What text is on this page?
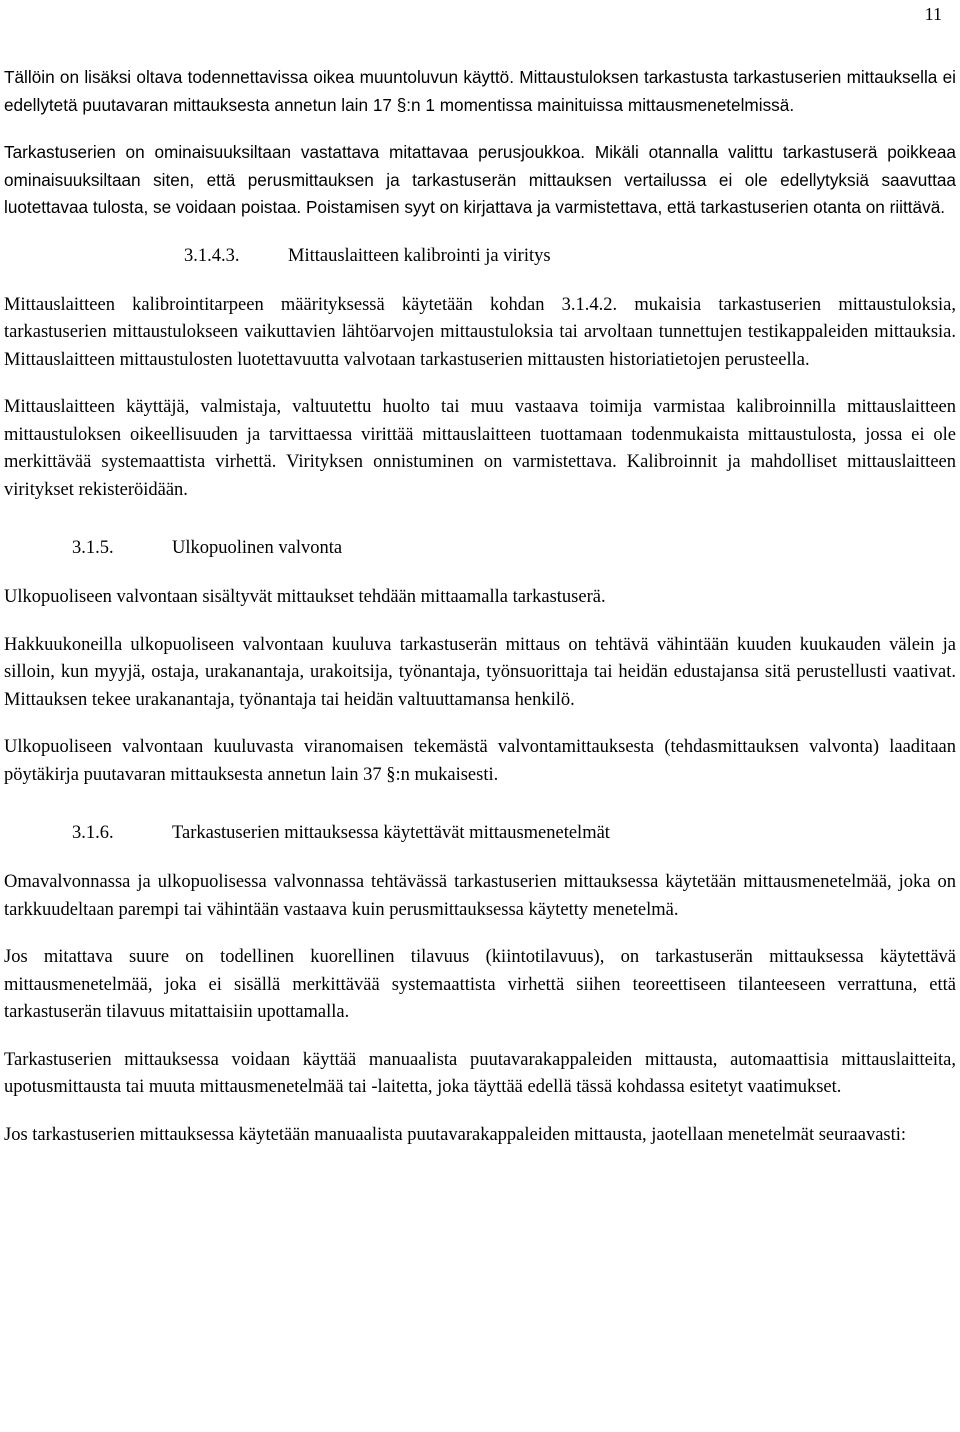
11

Tällöin on lisäksi oltava todennettavissa oikea muuntoluvun käyttö. Mittaustuloksen tarkastusta tarkastuserien mittauksella ei edellytetä puutavaran mittauksesta annetun lain 17 §:n 1 momentissa mainituissa mittausmenetelmissä.

Tarkastuserien on ominaisuuksiltaan vastattava mitattavaa perusjoukkoa. Mikäli otannalla valittu tarkastuserä poikkeaa ominaisuuksiltaan siten, että perusmittauksen ja tarkastuserän mittauksen vertailussa ei ole edellytyksiä saavuttaa luotettavaa tulosta, se voidaan poistaa. Poistamisen syyt on kirjattava ja varmistettava, että tarkastuserien otanta on riittävä.

3.1.4.3.	Mittauslaitteen kalibrointi ja viritys

Mittauslaitteen kalibrointitarpeen määrityksessä käytetään kohdan 3.1.4.2. mukaisia tarkastuserien mittaustuloksia, tarkastuserien mittaustulokseen vaikuttavien lähtöarvojen mittaustuloksia tai arvoltaan tunnettujen testikappaleiden mittauksia. Mittauslaitteen mittaustulosten luotettavuutta valvotaan tarkastuserien mittausten historiatietojen perusteella.

Mittauslaitteen käyttäjä, valmistaja, valtuutettu huolto tai muu vastaava toimija varmistaa kalibroinnilla mittauslaitteen mittaustuloksen oikeellisuuden ja tarvittaessa virittää mittauslaitteen tuottamaan todenmukaista mittaustulosta, jossa ei ole merkittävää systemaattista virhettä. Virityksen onnistuminen on varmistettava. Kalibroinnit ja mahdolliset mittauslaitteen viritykset rekisteröidään.

3.1.5.	Ulkopuolinen valvonta

Ulkopuoliseen valvontaan sisältyvät mittaukset tehdään mittaamalla tarkastuserä.

Hakkuukoneilla ulkopuoliseen valvontaan kuuluva tarkastuserän mittaus on tehtävä vähintään kuuden kuukauden välein ja silloin, kun myyjä, ostaja, urakanantaja, urakoitsija, työnantaja, työnsuorittaja tai heidän edustajansa sitä perustellusti vaativat. Mittauksen tekee urakanantaja, työnantaja tai heidän valtuuttamansa henkilö.

Ulkopuoliseen valvontaan kuuluvasta viranomaisen tekemästä valvontamittauksesta (tehdasmittauksen valvonta) laaditaan pöytäkirja puutavaran mittauksesta annetun lain 37 §:n mukaisesti.

3.1.6.	Tarkastuserien mittauksessa käytettävät mittausmenetelmät

Omavalvonnassa ja ulkopuolisessa valvonnassa tehtävässä tarkastuserien mittauksessa käytetään mittausmenetelmää, joka on tarkkuudeltaan parempi tai vähintään vastaava kuin perusmittauksessa käytetty menetelmä.

Jos mitattava suure on todellinen kuorellinen tilavuus (kiintotilavuus), on tarkastuserän mittauksessa käytettävä mittausmenetelmää, joka ei sisällä merkittävää systemaattista virhettä siihen teoreettiseen tilanteeseen verrattuna, että tarkastuserän tilavuus mitattaisiin upottamalla.

Tarkastuserien mittauksessa voidaan käyttää manuaalista puutavarakappaleiden mittausta, automaattisia mittauslaitteita, upotusmittausta tai muuta mittausmenetelmää tai -laitetta, joka täyttää edellä tässä kohdassa esitetyt vaatimukset.

Jos tarkastuserien mittauksessa käytetään manuaalista puutavarakappaleiden mittausta, jaotellaan menetelmät seuraavasti:
